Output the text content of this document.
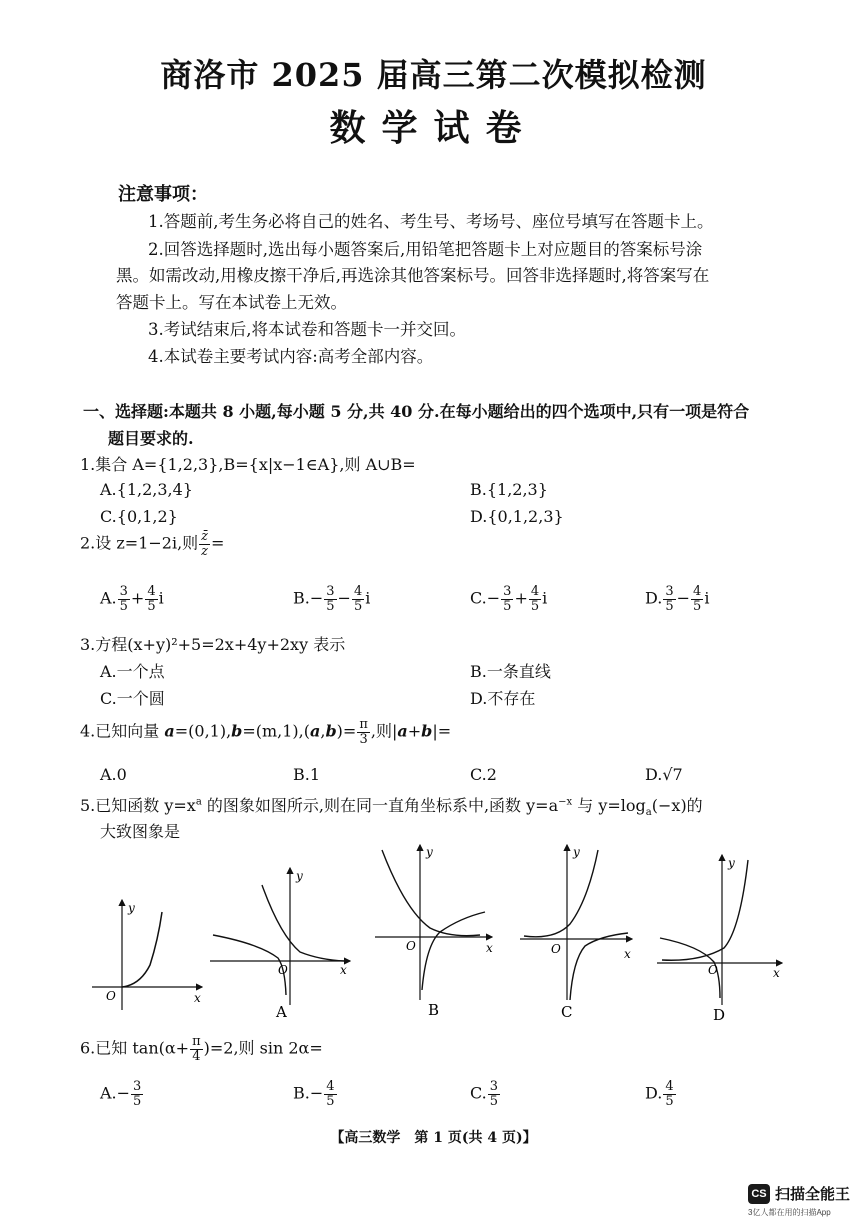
商洛市 2025 届高三第二次模拟检测
数学试卷
注意事项：
1.答题前,考生务必将自己的姓名、考生号、考场号、座位号填写在答题卡上。
2.回答选择题时,选出每小题答案后,用铅笔把答题卡上对应题目的答案标号涂
黑。如需改动,用橡皮擦干净后,再选涂其他答案标号。回答非选择题时,将答案写在
答题卡上。写在本试卷上无效。
3.考试结束后,将本试卷和答题卡一并交回。
4.本试卷主要考试内容:高考全部内容。
一、选择题:本题共 8 小题,每小题 5 分,共 40 分.在每小题给出的四个选项中,只有一项是符合
题目要求的.
1.集合 A={1,2,3},B={x|x−1∈A},则 A∪B=
A.{1,2,3,4}	B.{1,2,3}
C.{0,1,2}	D.{0,1,2,3}
2.设 z=1−2i,则 $\frac{z̄}{z}$ =
A. $\frac{3}{5} + \frac{4}{5}$ i	$B.- \frac{3}{5} - \frac{4}{5}$ i	$C.- \frac{3}{5} + \frac{4}{5}$ i	D. $\frac{3}{5} - \frac{4}{5}$ i
3.方程(x+y)²+5=2x+4y+2xy 表示
A.一个点	B.一条直线
C.一个圆	D.不存在
4.已知向量 $a=(0,1),b=(m,1),(a,b)= \frac{\pi}{3}$ ,则|a+b|=
A.0	B.1	C.2	D.√7
5.已知函数 $y=x^a$ 的图象如图所示,则在同一直角坐标系中,函数 $y=a^{-x}$ 与 $y=\log_a(-x)$的
大致图象是
y
x
O
y
x
O
A
y
x
O
B
y
x
O
C
y
x
O
D
6.已知 $\tan(\alpha+ \frac{\pi}{4} )=2$,则 sin 2α=
$A.- \frac{3}{5}$	$B.- \frac{4}{5}$	C. $\frac{3}{5}$	D. $\frac{4}{5}$
【高三数学　第 1 页(共 4 页)】
CS 扫描全能王
3亿人都在用的扫描App
